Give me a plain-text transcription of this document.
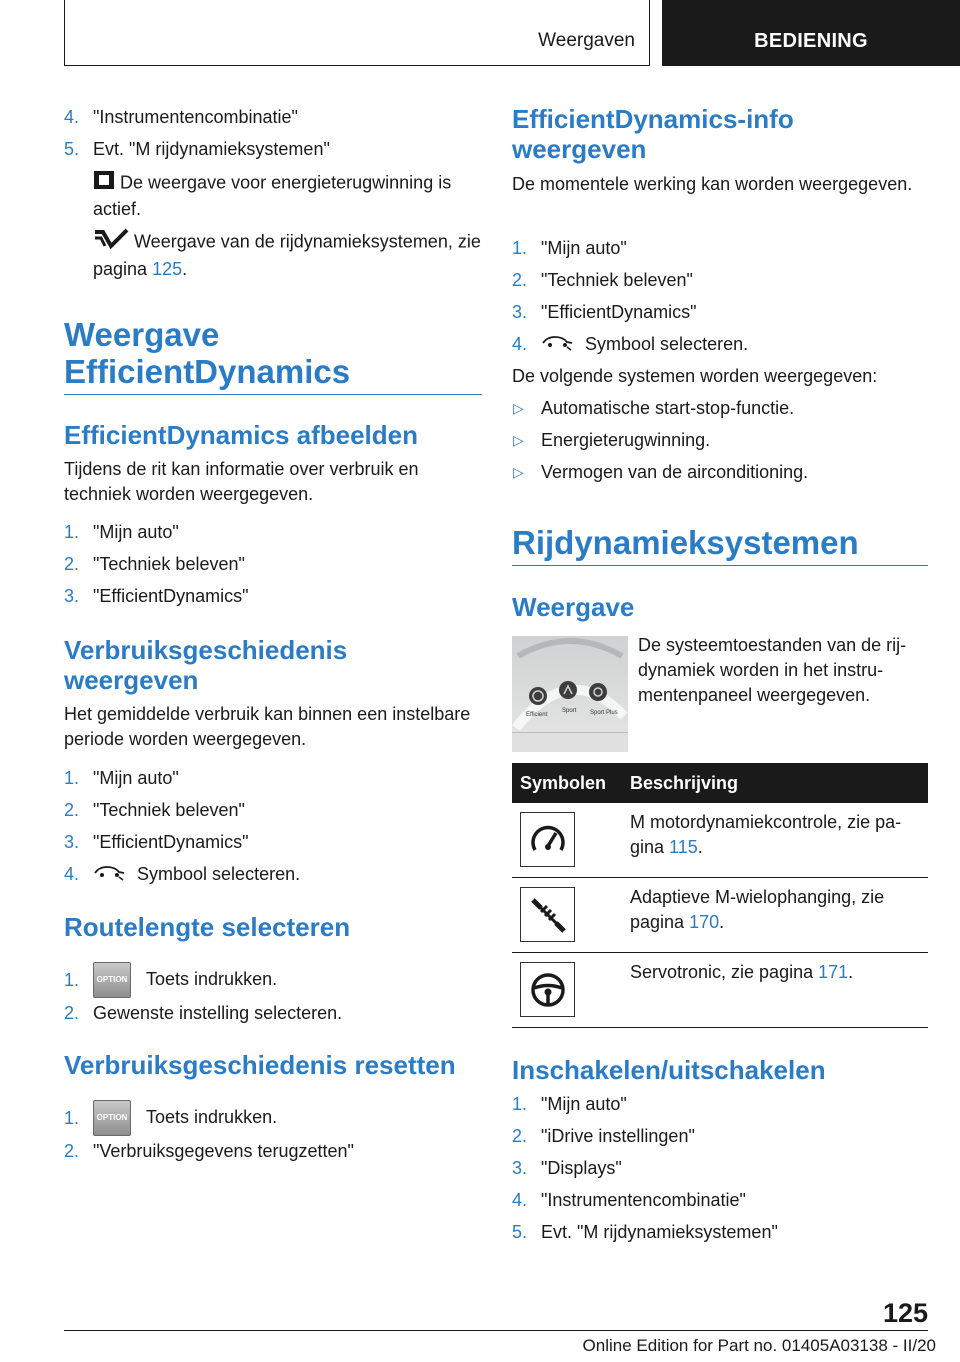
Weergaven	BEDIENING
4. "Instrumentencombinatie"
5. Evt. "M rijdynamieksystemen"
De weergave voor energieterugwinning is actief.
Weergave van de rijdynamieksystemen, zie pagina 125.
Weergave EfficientDynamics
EfficientDynamics afbeelden
Tijdens de rit kan informatie over verbruik en techniek worden weergegeven.
1. "Mijn auto"
2. "Techniek beleven"
3. "EfficientDynamics"
Verbruiksgeschiedenis weergeven
Het gemiddelde verbruik kan binnen een instelbare periode worden weergegeven.
1. "Mijn auto"
2. "Techniek beleven"
3. "EfficientDynamics"
4.	Symbool selecteren.
Routelengte selecteren
1.	OPTION Toets indrukken.
2. Gewenste instelling selecteren.
Verbruiksgeschiedenis resetten
1.	OPTION Toets indrukken.
2. "Verbruiksgegevens terugzetten"
EfficientDynamics-info weergeven
De momentele werking kan worden weergegeven.
1. "Mijn auto"
2. "Techniek beleven"
3. "EfficientDynamics"
4.	Symbool selecteren.
De volgende systemen worden weergegeven:
▷ Automatische start-stop-functie.
▷ Energieterugwinning.
▷ Vermogen van de airconditioning.
Rijdynamieksystemen
Weergave
Efficient
Sport Sport Plus
De systeemtoestanden van de rijdynamiek worden in het instrumentenpaneel weergegeven.
Symbolen Beschrijving
M motordynamiekcontrole, zie pagina 115.
Adaptieve M-wielophanging, zie pagina 170.
Servotronic, zie pagina 171.
Inschakelen/uitschakelen
1. "Mijn auto"
2. "iDrive instellingen"
3. "Displays"
4. "Instrumentencombinatie"
5. Evt. "M rijdynamieksystemen"
125
Online Edition for Part no. 01405A03138 - II/20
